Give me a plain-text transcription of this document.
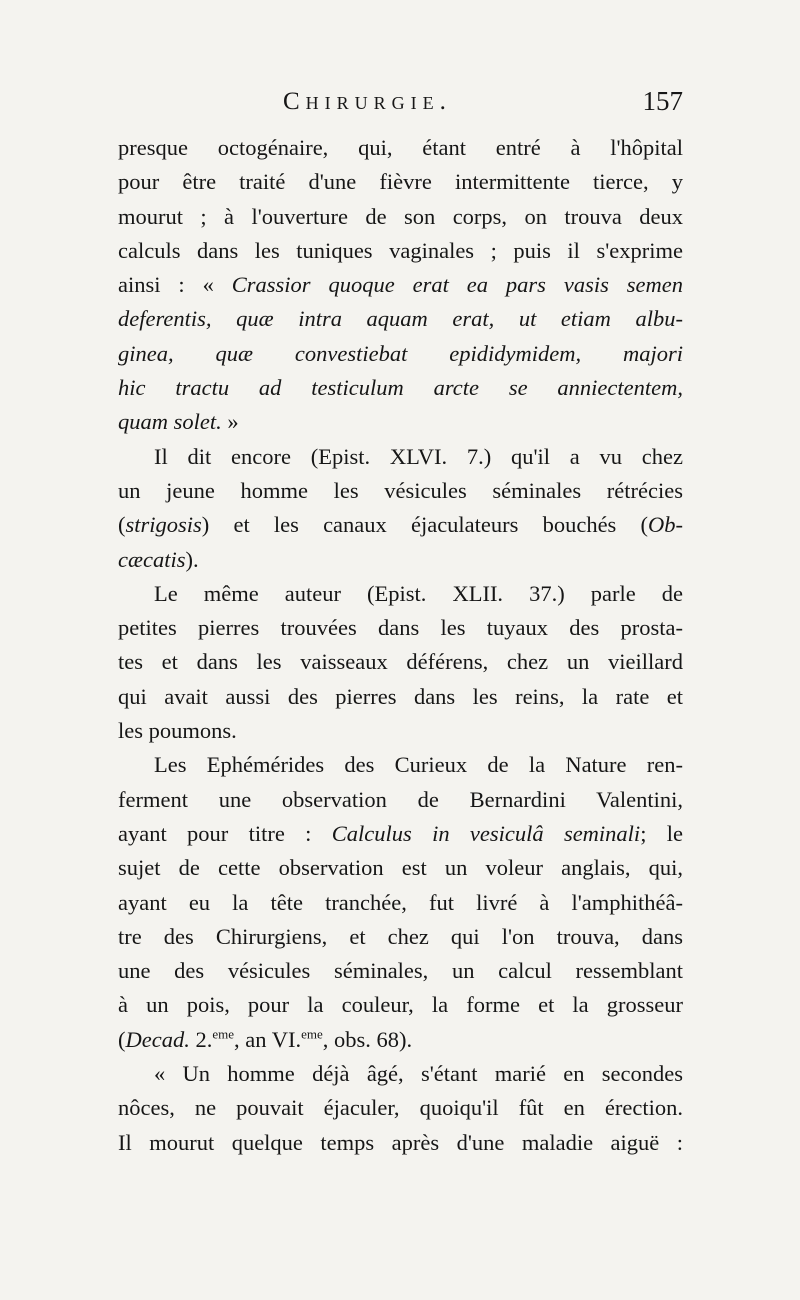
Chirurgie.	157
presque octogénaire, qui, étant entré à l'hôpital
pour être traité d'une fièvre intermittente tierce, y
mourut ; à l'ouverture de son corps, on trouva deux
calculs dans les tuniques vaginales ; puis il s'exprime
ainsi : « Crassior quoque erat ea pars vasis semen
deferentis, quæ intra aquam erat, ut etiam albu-
ginea, quæ convestiebat epididymidem, majori
hic tractu ad testiculum arcte se anniectentem,
quam solet. »
Il dit encore (Epist. XLVI. 7.) qu'il a vu chez
un jeune homme les vésicules séminales rétrécies
(strigosis) et les canaux éjaculateurs bouchés (Ob-
cæcatis).
Le même auteur (Epist. XLII. 37.) parle de
petites pierres trouvées dans les tuyaux des prosta-
tes et dans les vaisseaux déférens, chez un vieillard
qui avait aussi des pierres dans les reins, la rate et
les poumons.
Les Ephémérides des Curieux de la Nature ren-
ferment une observation de Bernardini Valentini,
ayant pour titre : Calculus in vesiculâ seminali; le
sujet de cette observation est un voleur anglais, qui,
ayant eu la tête tranchée, fut livré à l'amphithéâ-
tre des Chirurgiens, et chez qui l'on trouva, dans
une des vésicules séminales, un calcul ressemblant
à un pois, pour la couleur, la forme et la grosseur
(Decad. 2.$^{eme}$, an VI.$^{eme}$, obs. 68).
« Un homme déjà âgé, s'étant marié en secondes
nôces, ne pouvait éjaculer, quoiqu'il fût en érection.
Il mourut quelque temps après d'une maladie aiguë :
